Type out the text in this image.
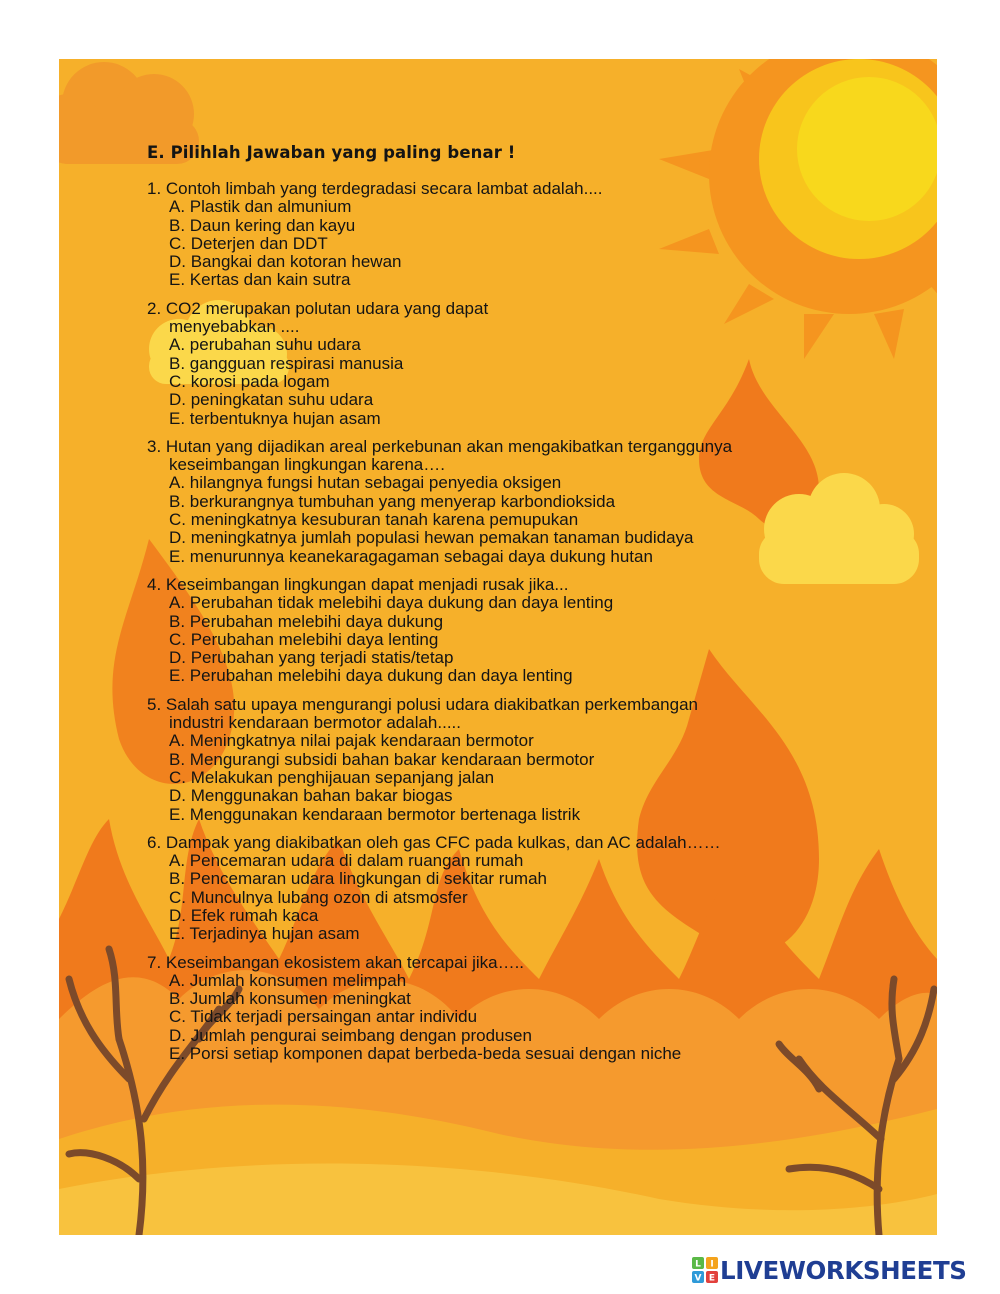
E. Pilihlah Jawaban yang paling benar !
1. Contoh limbah yang terdegradasi secara lambat adalah....
A. Plastik dan almunium
B. Daun kering dan kayu
C. Deterjen dan DDT
D. Bangkai dan kotoran hewan
E. Kertas dan kain sutra
2. CO2 merupakan polutan udara yang dapat
menyebabkan ....
A. perubahan suhu udara
B. gangguan respirasi manusia
C. korosi pada logam
D. peningkatan suhu udara
E. terbentuknya hujan asam
3. Hutan yang dijadikan areal perkebunan akan mengakibatkan terganggunya
keseimbangan lingkungan karena….
A. hilangnya fungsi hutan sebagai penyedia oksigen
B. berkurangnya tumbuhan yang menyerap karbondioksida
C. meningkatnya kesuburan tanah karena pemupukan
D. meningkatnya jumlah populasi hewan pemakan tanaman budidaya
E. menurunnya keanekaragagaman sebagai daya dukung hutan
4. Keseimbangan lingkungan dapat menjadi rusak jika...
A. Perubahan tidak melebihi daya dukung dan daya lenting
B. Perubahan melebihi daya dukung
C. Perubahan melebihi daya lenting
D. Perubahan yang terjadi statis/tetap
E. Perubahan melebihi daya dukung dan daya lenting
5. Salah satu upaya mengurangi polusi udara diakibatkan perkembangan
industri kendaraan bermotor adalah.....
A. Meningkatnya nilai pajak kendaraan bermotor
B. Mengurangi subsidi bahan bakar kendaraan bermotor
C. Melakukan penghijauan sepanjang jalan
D. Menggunakan bahan bakar biogas
E. Menggunakan kendaraan bermotor bertenaga listrik
6. Dampak yang diakibatkan oleh gas CFC pada kulkas, dan AC adalah……
A. Pencemaran udara di dalam ruangan rumah
B. Pencemaran udara lingkungan di sekitar rumah
C. Munculnya lubang ozon di atsmosfer
D. Efek rumah kaca
E. Terjadinya hujan asam
7. Keseimbangan ekosistem akan tercapai jika…..
A. Jumlah konsumen melimpah
B. Jumlah konsumen meningkat
C. Tidak terjadi persaingan antar individu
D. Jumlah pengurai seimbang dengan produsen
E. Porsi setiap komponen dapat berbeda-beda sesuai dengan niche
L I
V E LIVEWORKSHEETS
